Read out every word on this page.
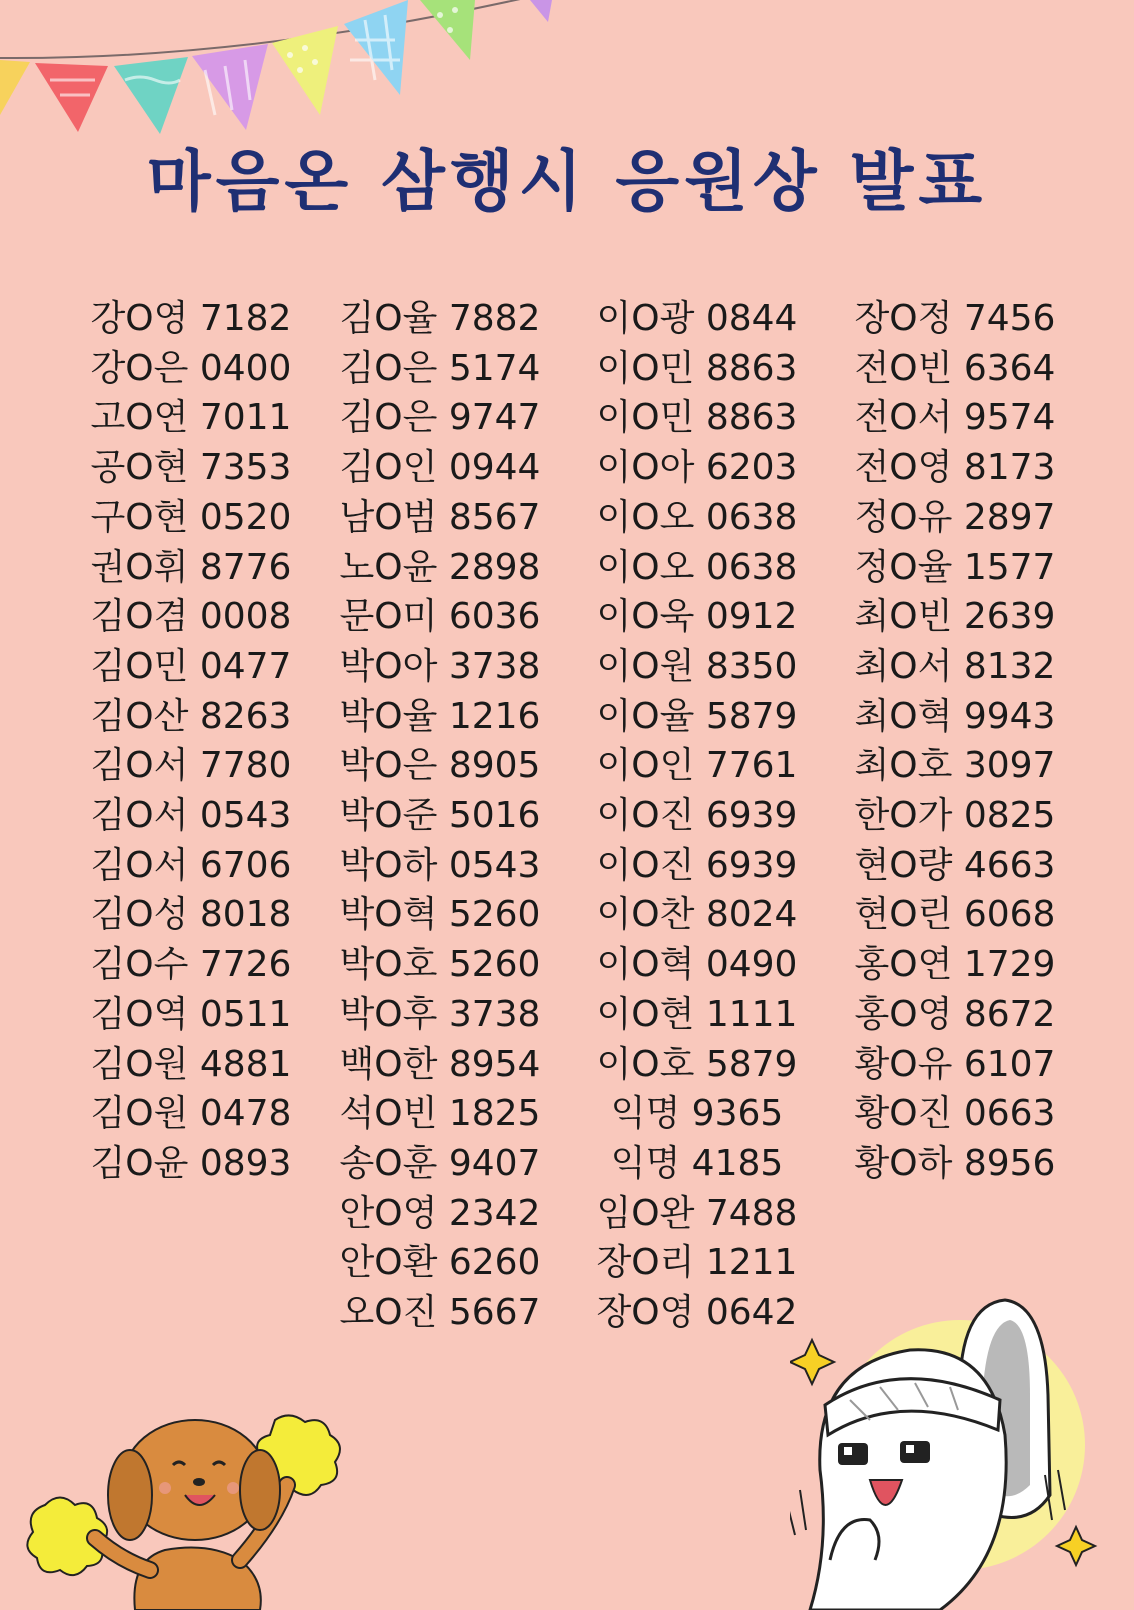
마음온 삼행시 응원상 발표
강O영 7182
강O은 0400
고O연 7011
공O현 7353
구O현 0520
권O휘 8776
김O겸 0008
김O민 0477
김O산 8263
김O서 7780
김O서 0543
김O서 6706
김O성 8018
김O수 7726
김O역 0511
김O원 4881
김O원 0478
김O윤 0893
김O율 7882
김O은 5174
김O은 9747
김O인 0944
남O범 8567
노O윤 2898
문O미 6036
박O아 3738
박O율 1216
박O은 8905
박O준 5016
박O하 0543
박O혁 5260
박O호 5260
박O후 3738
백O한 8954
석O빈 1825
송O훈 9407
안O영 2342
안O환 6260
오O진 5667
이O광 0844
이O민 8863
이O민 8863
이O아 6203
이O오 0638
이O오 0638
이O욱 0912
이O원 8350
이O율 5879
이O인 7761
이O진 6939
이O진 6939
이O찬 8024
이O혁 0490
이O현 1111
이O호 5879
익명 9365
익명 4185
임O완 7488
장O리 1211
장O영 0642
장O정 7456
전O빈 6364
전O서 9574
전O영 8173
정O유 2897
정O율 1577
최O빈 2639
최O서 8132
최O혁 9943
최O호 3097
한O가 0825
현O량 4663
현O린 6068
홍O연 1729
홍O영 8672
황O유 6107
황O진 0663
황O하 8956
